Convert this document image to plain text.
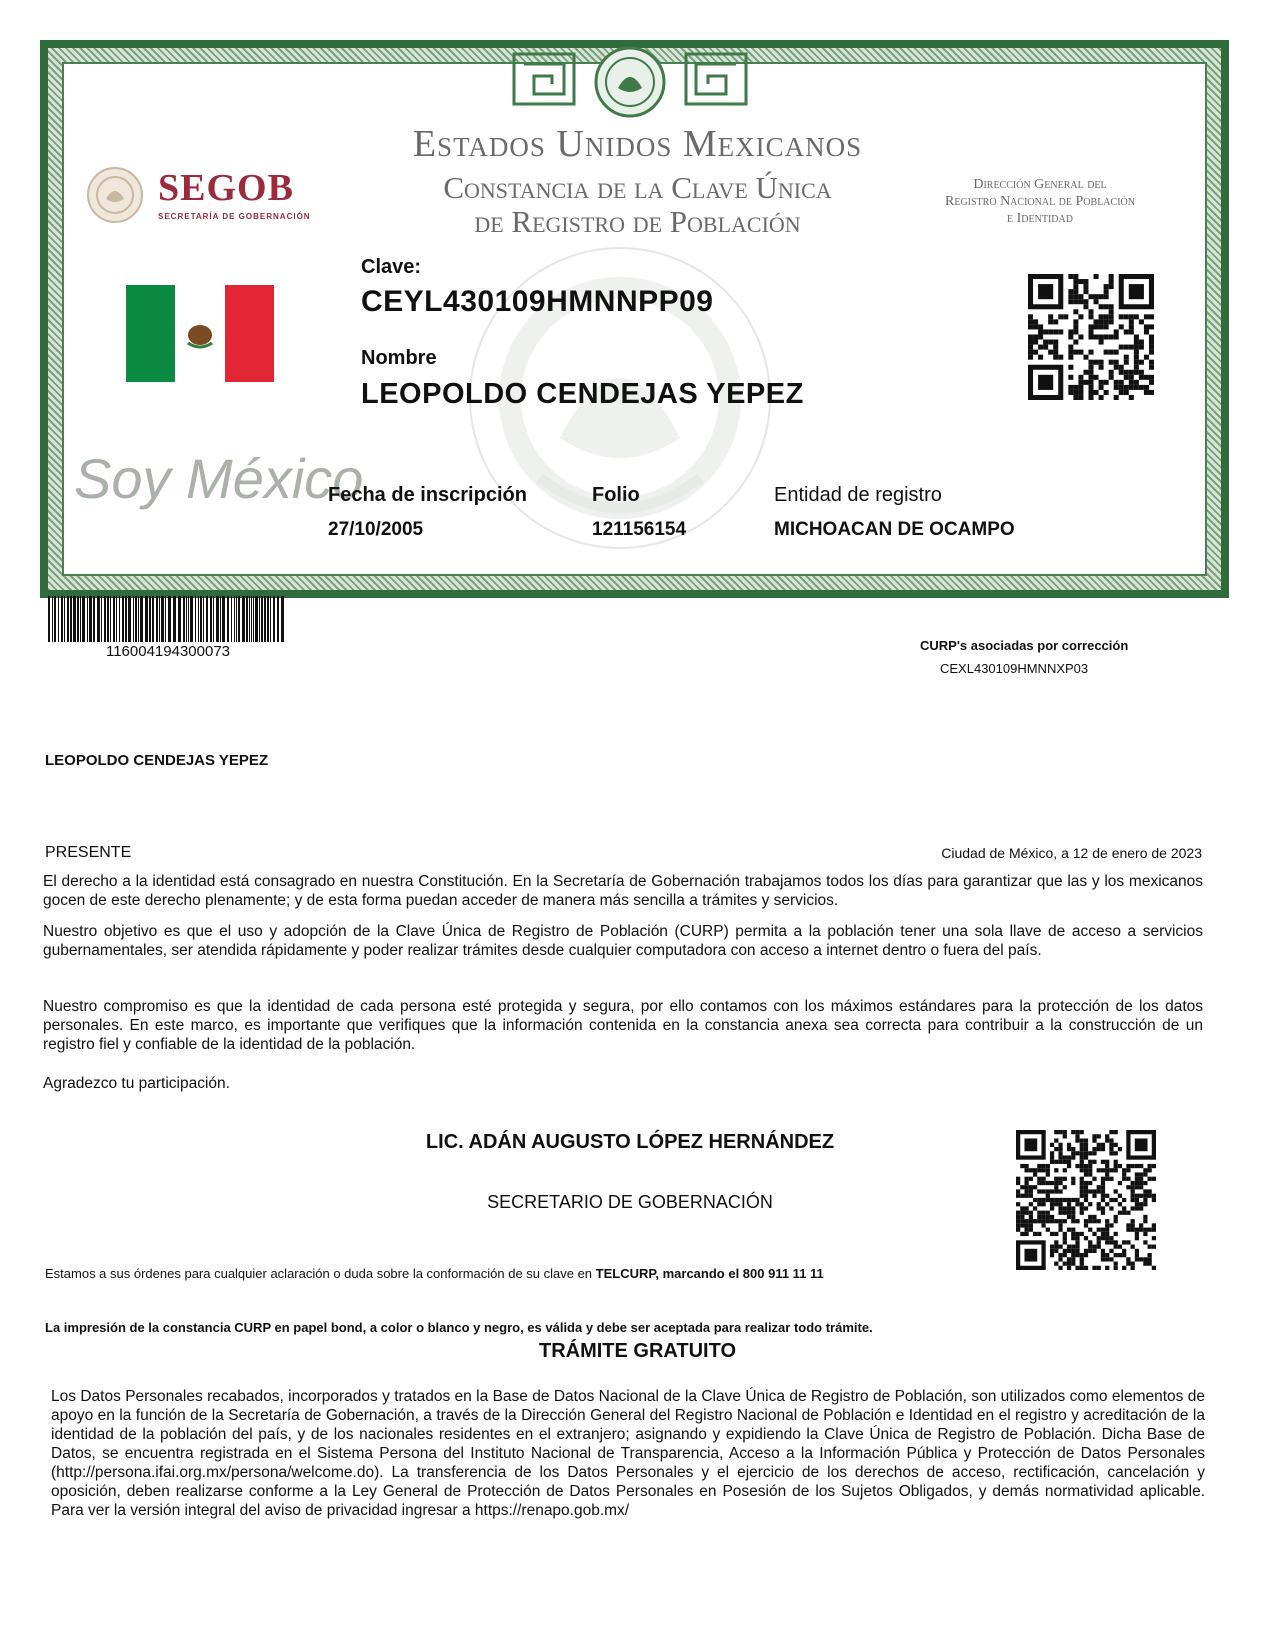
Estados Unidos Mexicanos
Constancia de la Clave Única
de Registro de Población
Dirección General del
Registro Nacional de Población
e Identidad
SEGOB
SECRETARÍA DE GOBERNACIÓN
Soy México
Clave:
CEYL430109HMNNPP09
Nombre
LEOPOLDO CENDEJAS YEPEZ
Fecha de inscripción
27/10/2005
Folio
121156154
Entidad de registro
MICHOACAN DE OCAMPO
116004194300073	CURP's asociadas por corrección
CEXL430109HMNNXP03
LEOPOLDO CENDEJAS YEPEZ
PRESENTE	Ciudad de México, a 12 de enero de 2023
El derecho a la identidad está consagrado en nuestra Constitución. En la Secretaría de Gobernación trabajamos todos los días para garantizar que las y los mexicanos gocen de este derecho plenamente; y de esta forma puedan acceder de manera más sencilla a trámites y servicios.
Nuestro objetivo es que el uso y adopción de la Clave Única de Registro de Población (CURP) permita a la población tener una sola llave de acceso a servicios gubernamentales, ser atendida rápidamente y poder realizar trámites desde cualquier computadora con acceso a internet dentro o fuera del país.
Nuestro compromiso es que la identidad de cada persona esté protegida y segura, por ello contamos con los máximos estándares para la protección de los datos personales. En este marco, es importante que verifiques que la información contenida en la constancia anexa sea correcta para contribuir a la construcción de un registro fiel y confiable de la identidad de la población.
Agradezco tu participación.
LIC. ADÁN AUGUSTO LÓPEZ HERNÁNDEZ
SECRETARIO DE GOBERNACIÓN
Estamos a sus órdenes para cualquier aclaración o duda sobre la conformación de su clave en TELCURP, marcando el 800 911 11 11
La impresión de la constancia CURP en papel bond, a color o blanco y negro, es válida y debe ser aceptada para realizar todo trámite.
TRÁMITE GRATUITO
Los Datos Personales recabados, incorporados y tratados en la Base de Datos Nacional de la Clave Única de Registro de Población, son utilizados como elementos de apoyo en la función de la Secretaría de Gobernación, a través de la Dirección General del Registro Nacional de Población e Identidad en el registro y acreditación de la identidad de la población del país, y de los nacionales residentes en el extranjero; asignando y expidiendo la Clave Única de Registro de Población. Dicha Base de Datos, se encuentra registrada en el Sistema Persona del Instituto Nacional de Transparencia, Acceso a la Información Pública y Protección de Datos Personales (http://persona.ifai.org.mx/persona/welcome.do). La transferencia de los Datos Personales y el ejercicio de los derechos de acceso, rectificación, cancelación y oposición, deben realizarse conforme a la Ley General de Protección de Datos Personales en Posesión de los Sujetos Obligados, y demás normatividad aplicable. Para ver la versión integral del aviso de privacidad ingresar a https://renapo.gob.mx/
